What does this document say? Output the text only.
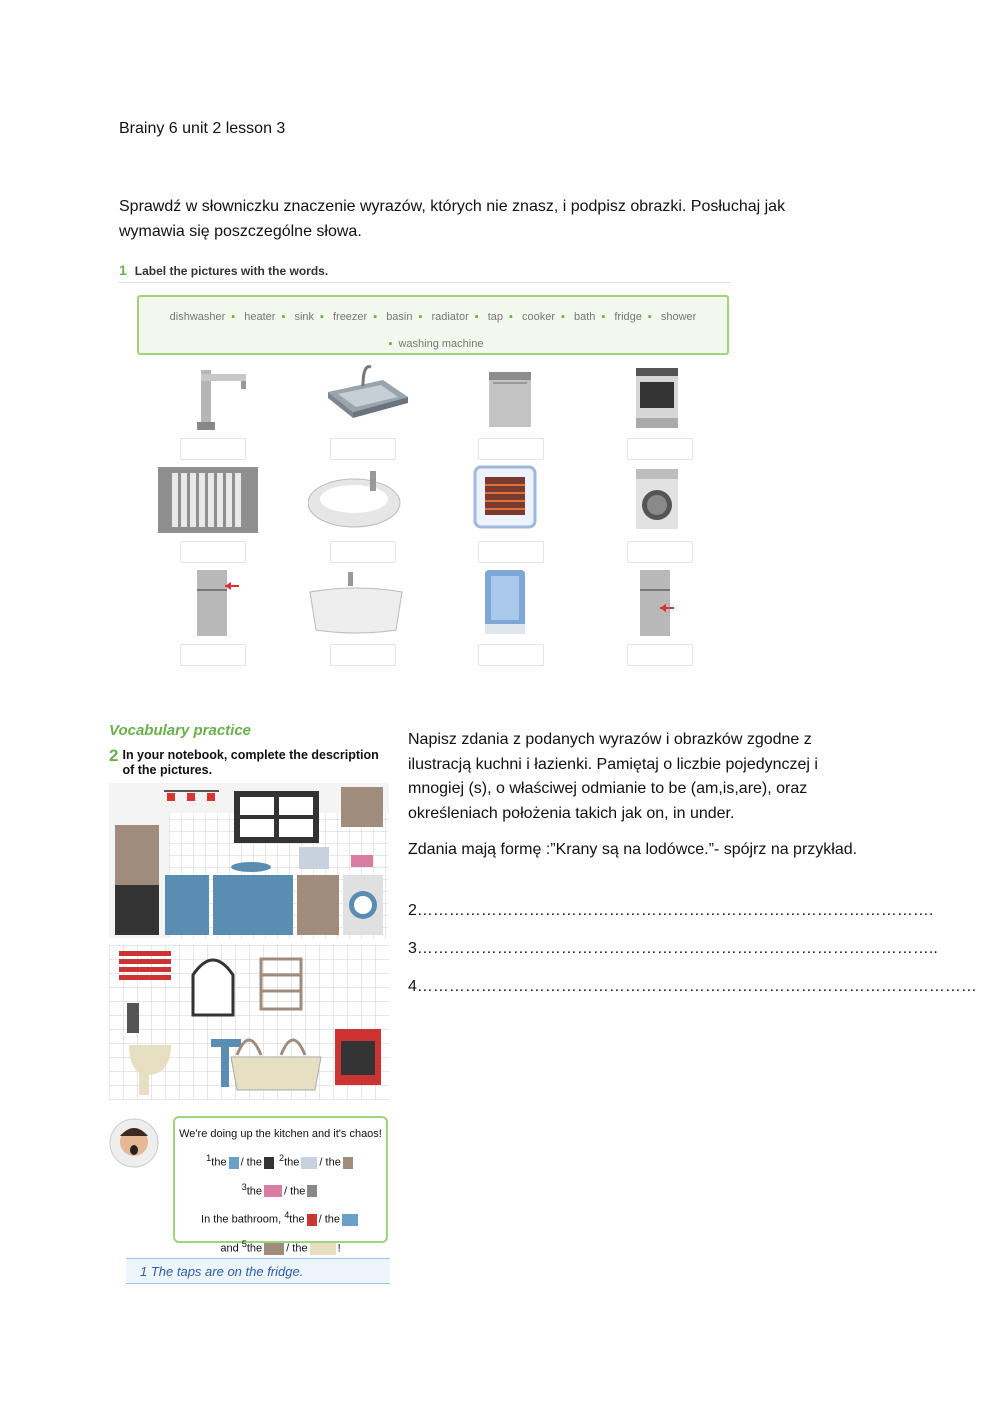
Brainy 6 unit 2 lesson 3
Sprawdź w słowniczku znaczenie wyrazów, których nie znasz, i podpisz obrazki. Posłuchaj jak wymawia się poszczególne słowa.
1 Label the pictures with the words.
dishwasher ▪ heater ▪ sink ▪ freezer ▪ basin ▪ radiator ▪ tap ▪ cooker ▪ bath ▪ fridge ▪ shower
▪ washing machine
Vocabulary practice
2 In your notebook, complete the description of the pictures.
We're doing up the kitchen and it's chaos!
$^1$the / the $^2$the / the
$^3$the / the
In the bathroom, $^4$the / the
and $^5$the / the	!
1 The taps are on the fridge.

Napisz zdania z podanych wyrazów i obrazków zgodne z ilustracją kuchni i łazienki. Pamiętaj o liczbie pojedynczej i mnogiej (s), o właściwej odmianie to be (am,is,are), oraz określeniach położenia takich jak on, in under.

Zdania mają formę :”Krany są na lodówce.”- spójrz na przykład.

2…………………………………………………………………………………….
3……………………………………………………………………………………..
4……………………………………………………………………………………………
